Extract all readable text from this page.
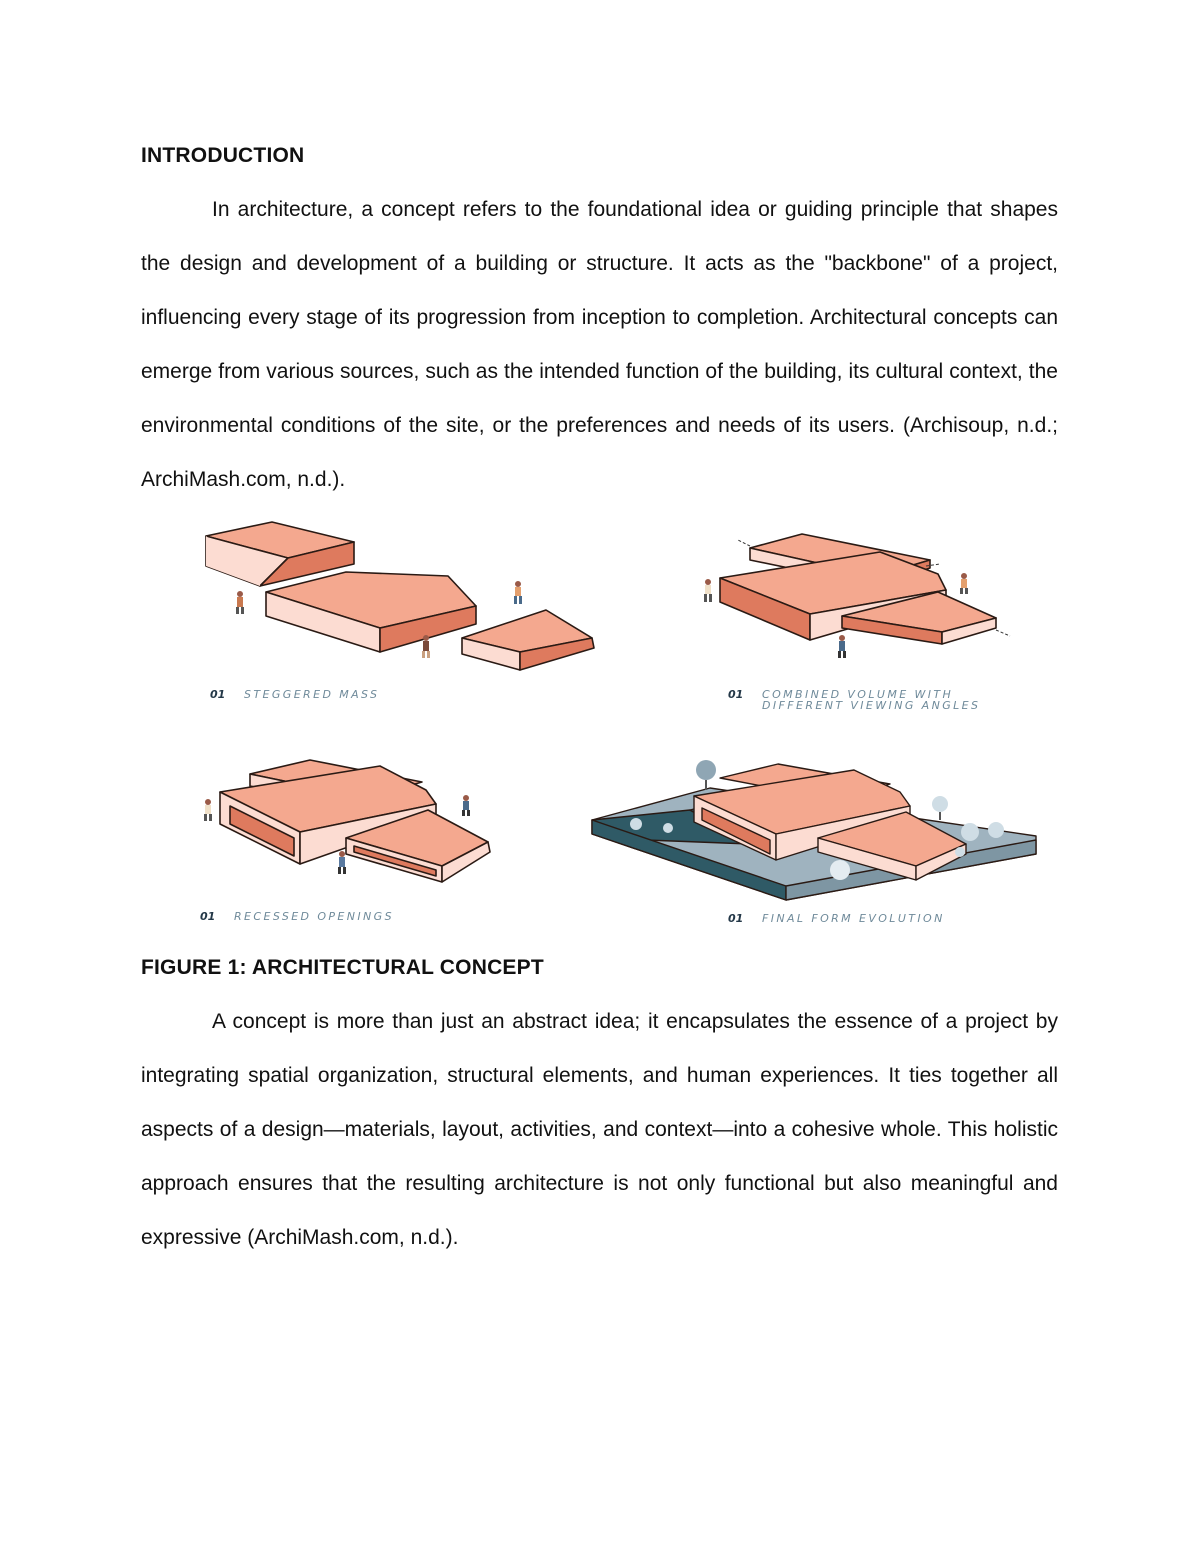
INTRODUCTION

In architecture, a concept refers to the foundational idea or guiding principle that shapes the design and development of a building or structure. It acts as the "backbone" of a project, influencing every stage of its progression from inception to completion. Architectural concepts can emerge from various sources, such as the intended function of the building, its cultural context, the environmental conditions of the site, or the preferences and needs of its users. (Archisoup, n.d.; ArchiMash.com, n.d.).

01 STEGGERED MASS	01 COMBINED VOLUME WITH
DIFFERENT VIEWING ANGLES
01 RECESSED OPENINGS	01 FINAL FORM EVOLUTION
FIGURE 1: ARCHITECTURAL CONCEPT

A concept is more than just an abstract idea; it encapsulates the essence of a project by integrating spatial organization, structural elements, and human experiences. It ties together all aspects of a design—materials, layout, activities, and context—into a cohesive whole. This holistic approach ensures that the resulting architecture is not only functional but also meaningful and expressive (ArchiMash.com, n.d.).
